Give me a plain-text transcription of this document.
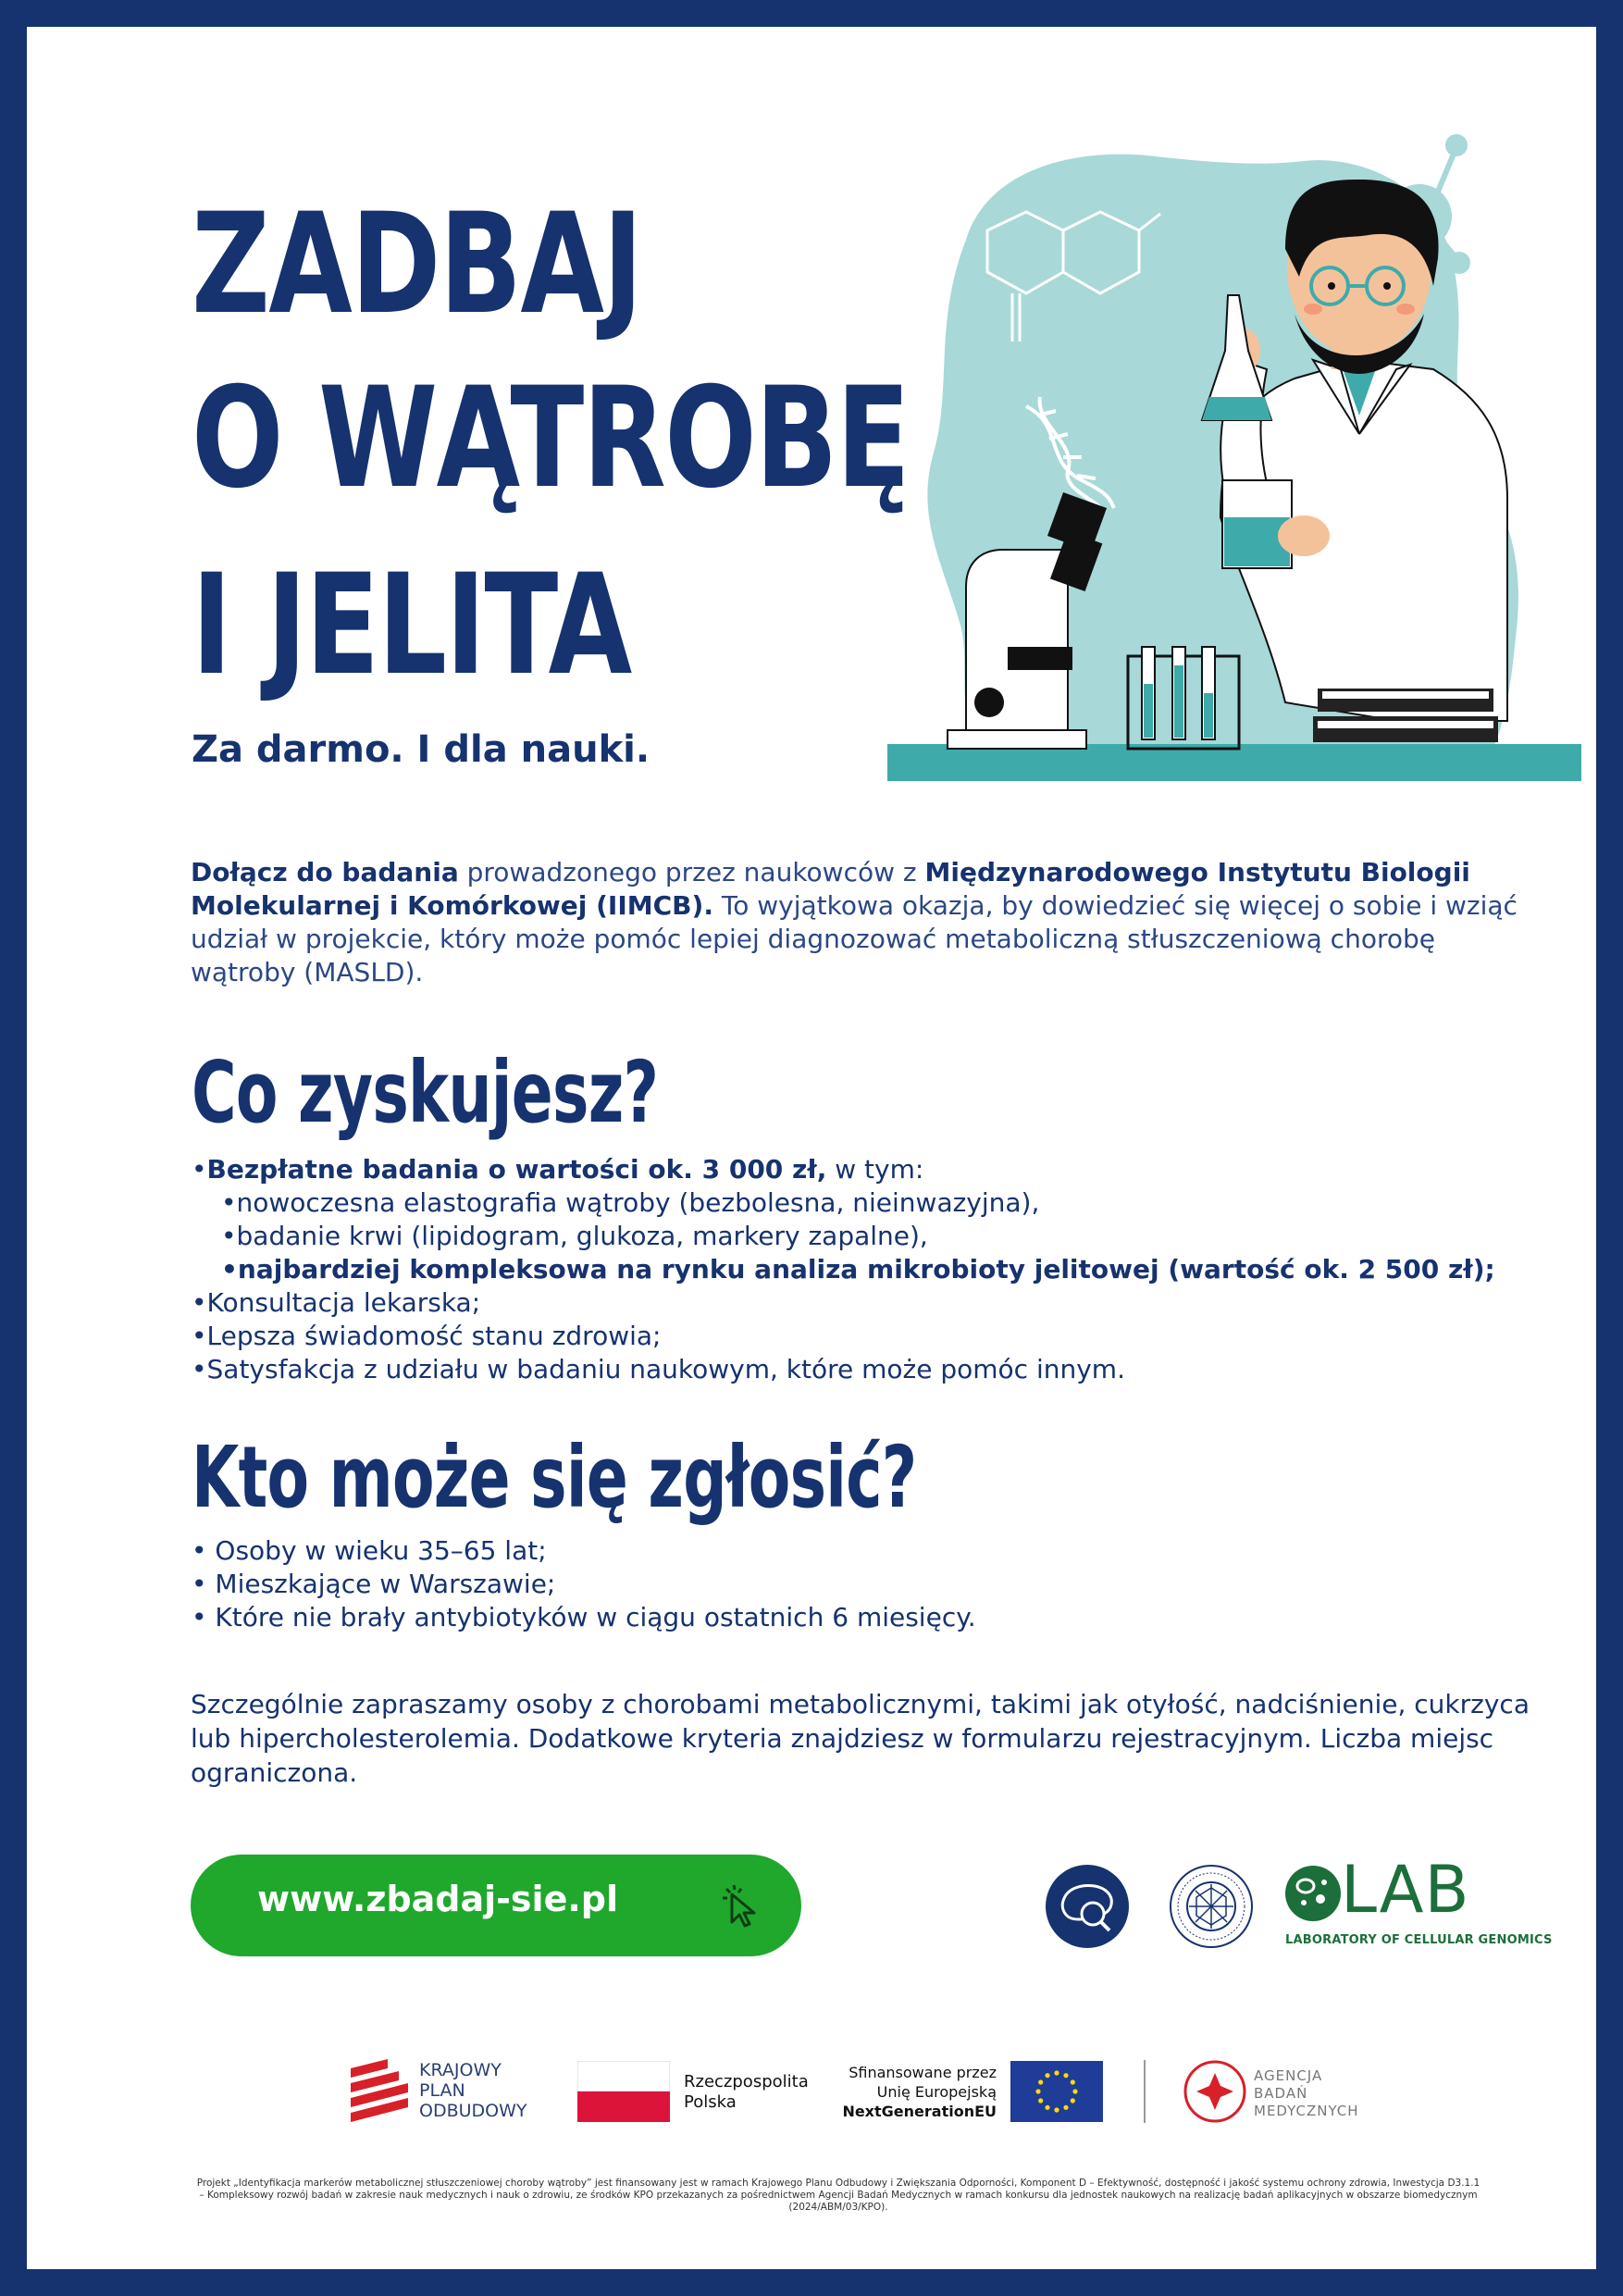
ZADBAJ
O WĄTROBĘ
I JELITA
Za darmo. I dla nauki.
Dołącz do badania prowadzonego przez naukowców z Międzynarodowego Instytutu Biologii Molekularnej i Komórkowej (IIMCB). To wyjątkowa okazja, by dowiedzieć się więcej o sobie i wziąć udział w projekcie, który może pomóc lepiej diagnozować metaboliczną stłuszczeniową chorobę wątroby (MASLD).
Co zyskujesz?
•Bezpłatne badania o wartości ok. 3 000 zł, w tym:
•nowoczesna elastografia wątroby (bezbolesna, nieinwazyjna),
•badanie krwi (lipidogram, glukoza, markery zapalne),
•najbardziej kompleksowa na rynku analiza mikrobioty jelitowej (wartość ok. 2 500 zł);
•Konsultacja lekarska;
•Lepsza świadomość stanu zdrowia;
•Satysfakcja z udziału w badaniu naukowym, które może pomóc innym.
Kto może się zgłosić?
• Osoby w wieku 35–65 lat;
• Mieszkające w Warszawie;
• Które nie brały antybiotyków w ciągu ostatnich 6 miesięcy.
Szczególnie zapraszamy osoby z chorobami metabolicznymi, takimi jak otyłość, nadciśnienie, cukrzyca lub hipercholesterolemia. Dodatkowe kryteria znajdziesz w formularzu rejestracyjnym. Liczba miejsc ograniczona.
www.zbadaj-sie.pl	LAB
LABORATORY OF CELLULAR GENOMICS
KRAJOWY
PLAN
ODBUDOWY
Rzeczpospolita
Polska
Sfinansowane przez
Unię Europejską
NextGenerationEU
AGENCJA
BADAŃ
MEDYCZNYCH
Projekt „Identyfikacja markerów metabolicznej stłuszczeniowej choroby wątroby” jest finansowany jest w ramach Krajowego Planu Odbudowy i Zwiększania Odporności, Komponent D – Efektywność, dostępność i jakość systemu ochrony zdrowia, Inwestycja D3.1.1 – Kompleksowy rozwój badań w zakresie nauk medycznych i nauk o zdrowiu, ze środków KPO przekazanych za pośrednictwem Agencji Badań Medycznych w ramach konkursu dla jednostek naukowych na realizację badań aplikacyjnych w obszarze biomedycznym (2024/ABM/03/KPO).
